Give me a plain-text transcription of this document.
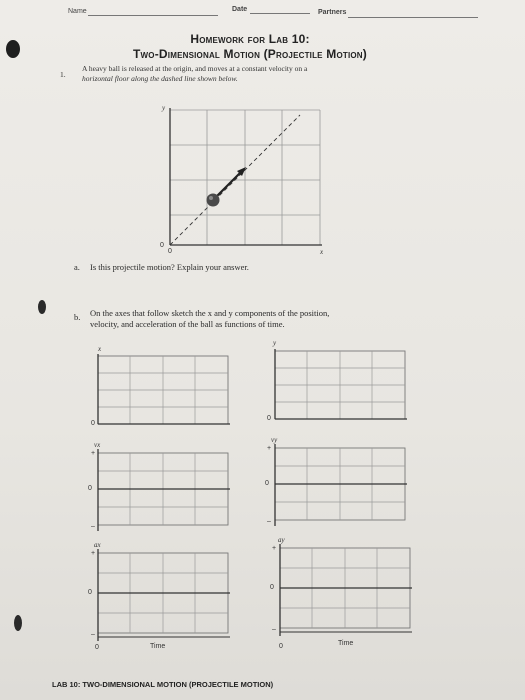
Name	Date	Partners
Homework for Lab 10:
Two-Dimensional Motion (Projectile Motion)
1.
A heavy ball is released at the origin, and moves at a constant velocity on a
horizontal floor along the dashed line shown below.
y
x
0
0
a. Is this projectile motion? Explain your answer.
b. On the axes that follow sketch the x and y components of the position,
velocity, and acceleration of the ball as functions of time.
x
0
y
0
vx
+
0
–
vy
+
0
–
ax
+
0
–
0	Time
ay
+
0
–
0	Time
LAB 10: TWO-DIMENSIONAL MOTION (PROJECTILE MOTION)
